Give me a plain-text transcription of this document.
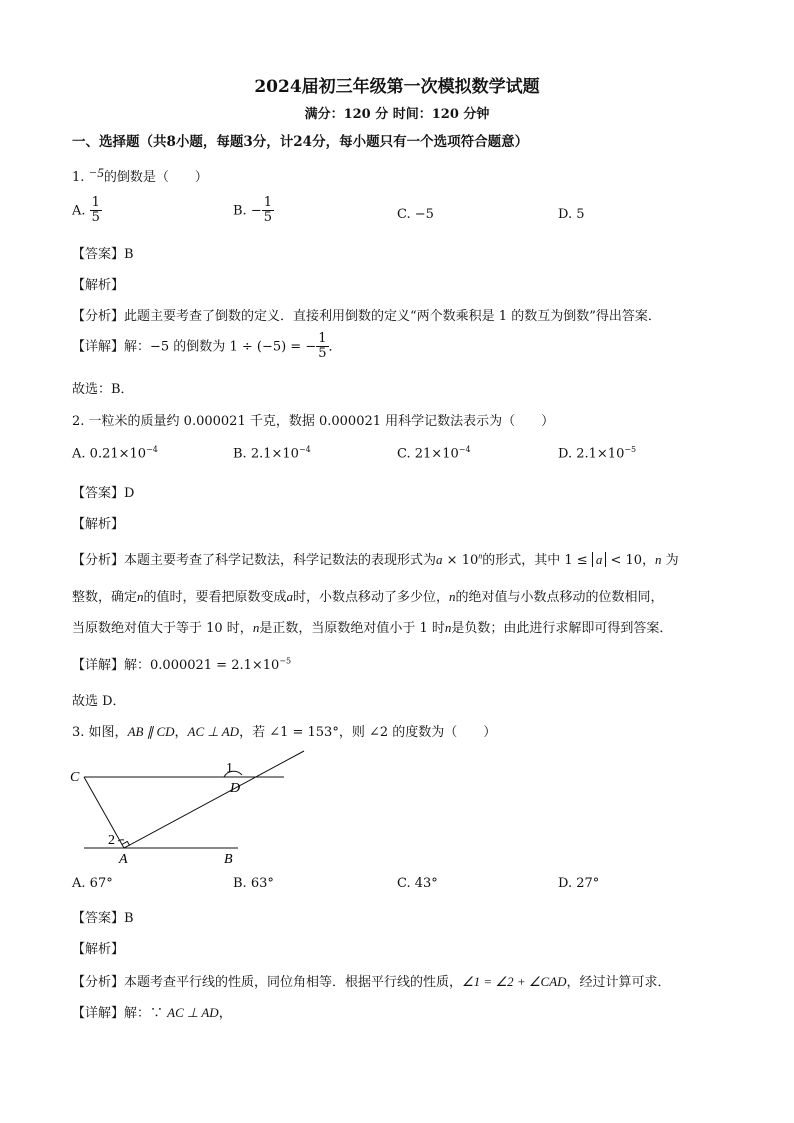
2024届初三年级第一次模拟数学试题
满分：120 分 时间：120 分钟
一、选择题（共8小题，每题3分，计24分，每小题只有一个选项符合题意）
1. −5的倒数是（　　）
A. $\frac{1}{5}$	B. − $\frac{1}{5}$	C. −5	D. 5
【答案】B
【解析】
【分析】此题主要考查了倒数的定义．直接利用倒数的定义“两个数乘积是 1 的数互为倒数”得出答案．
【详解】解：−5 的倒数为 1 ÷ (−5) = − $\frac{1}{5}$ ．
故选：B．
2. 一粒米的质量约 0.000021 千克，数据 0.000021 用科学记数法表示为（　　）
A. $0.21\times 10^{-4}$	B. $2.1\times 10^{-4}$	C. $21\times 10^{-4}$	D. $2.1\times 10^{-5}$
【答案】D
【解析】
【分析】本题主要考查了科学记数法，科学记数法的表现形式为$a \times 10^n$的形式，其中 1 ≤ a < 10，n 为
整数，确定n的值时，要看把原数变成a时，小数点移动了多少位，n的绝对值与小数点移动的位数相同，
当原数绝对值大于等于 10 时，n是正数，当原数绝对值小于 1 时n是负数；由此进行求解即可得到答案．
【详解】解：$0.000021 = 2.1\times 10^{-5}$
故选 D．
3. 如图，AB ∥ CD，AC ⊥ AD，若 ∠1 = 153°，则 ∠2 的度数为（　　）
C
D
1
2
A	B
A. 67°	B. 63°	C. 43°	D. 27°
【答案】B
【解析】
【分析】本题考查平行线的性质，同位角相等．根据平行线的性质，∠1 = ∠2 + ∠CAD，经过计算可求．
【详解】解：∵ AC ⊥ AD，
